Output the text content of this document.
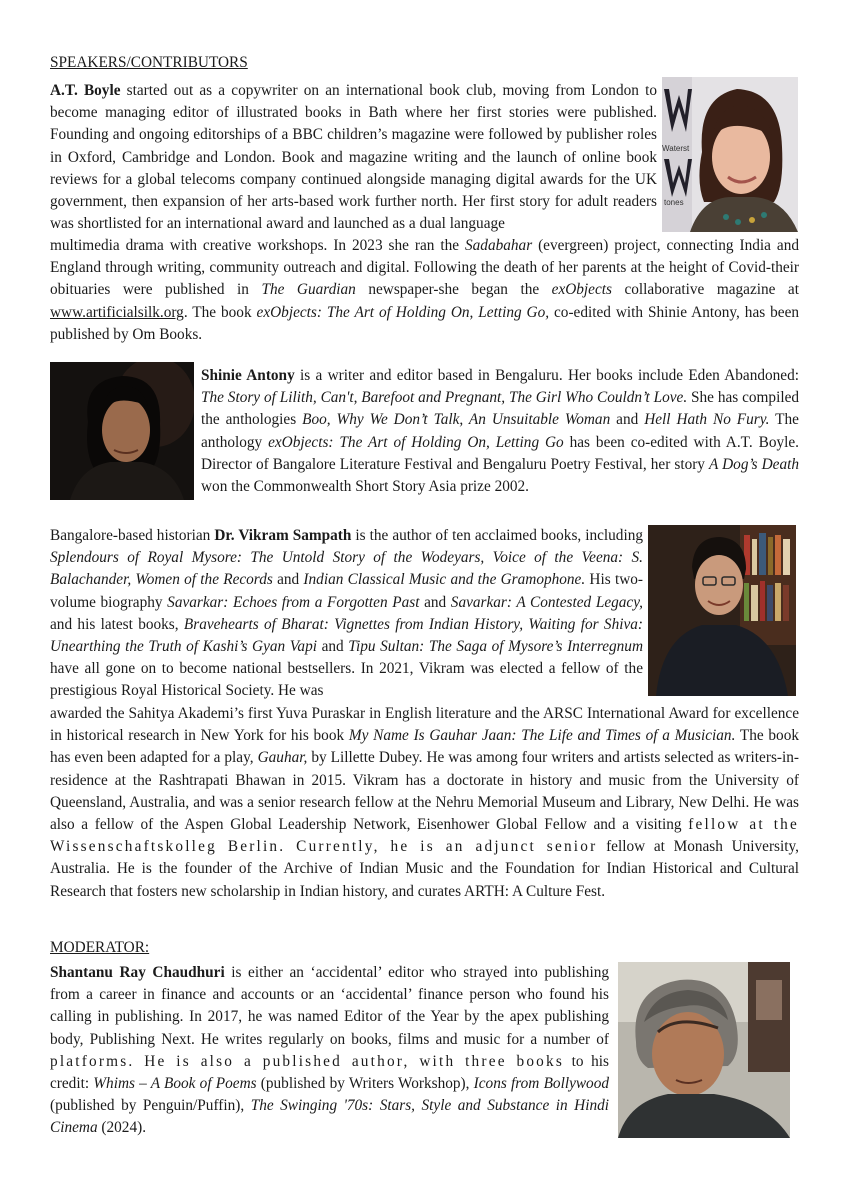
SPEAKERS/CONTRIBUTORS
Waterst
tones

A.T. Boyle started out as a copywriter on an international book club, moving from London to become managing editor of illustrated books in Bath where her first stories were published. Founding and ongoing editorships of a BBC children’s magazine were followed by publisher roles in Oxford, Cambridge and London. Book and magazine writing and the launch of online book reviews for a global telecoms company continued alongside managing digital awards for the UK government, then expansion of her arts-based work further north. Her first story for adult readers was shortlisted for an international award and launched as a dual language

multimedia drama with creative workshops. In 2023 she ran the Sadabahar (evergreen) project, connecting India and England through writing, community outreach and digital. Following the death of her parents at the height of Covid-their obituaries were published in The Guardian newspaper-she began the exObjects collaborative magazine at www.artificialsilk.org. The book exObjects: The Art of Holding On, Letting Go, co-edited with Shinie Antony, has been published by Om Books.

Shinie Antony is a writer and editor based in Bengaluru. Her books include Eden Abandoned: The Story of Lilith, Can't, Barefoot and Pregnant, The Girl Who Couldn’t Love. She has compiled the anthologies Boo, Why We Don’t Talk, An Unsuitable Woman and Hell Hath No Fury. The anthology exObjects: The Art of Holding On, Letting Go has been co-edited with A.T. Boyle. Director of Bangalore Literature Festival and Bengaluru Poetry Festival, her story A Dog’s Death won the Commonwealth Short Story Asia prize 2002.

Bangalore-based historian Dr. Vikram Sampath is the author of ten acclaimed books, including Splendours of Royal Mysore: The Untold Story of the Wodeyars, Voice of the Veena: S. Balachander, Women of the Records and Indian Classical Music and the Gramophone. His two-volume biography Savarkar: Echoes from a Forgotten Past and Savarkar: A Contested Legacy, and his latest books, Bravehearts of Bharat: Vignettes from Indian History, Waiting for Shiva: Unearthing the Truth of Kashi’s Gyan Vapi and Tipu Sultan: The Saga of Mysore’s Interregnum have all gone on to become national bestsellers. In 2021, Vikram was elected a fellow of the prestigious Royal Historical Society. He was

awarded the Sahitya Akademi’s first Yuva Puraskar in English literature and the ARSC International Award for excellence in historical research in New York for his book My Name Is Gauhar Jaan: The Life and Times of a Musician. The book has even been adapted for a play, Gauhar, by Lillette Dubey. He was among four writers and artists selected as writers-in-residence at the Rashtrapati Bhawan in 2015. Vikram has a doctorate in history and music from the University of Queensland, Australia, and was a senior research fellow at the Nehru Memorial Museum and Library, New Delhi. He was also a fellow of the Aspen Global Leadership Network, Eisenhower Global Fellow and a visiting fellow at the Wissenschaftskolleg Berlin. Currently, he is an adjunct senior fellow at Monash University, Australia. He is the founder of the Archive of Indian Music and the Foundation for Indian Historical and Cultural Research that fosters new scholarship in Indian history, and curates ARTH: A Culture Fest.

MODERATOR:

Shantanu Ray Chaudhuri is either an ‘accidental’ editor who strayed into publishing from a career in finance and accounts or an ‘accidental’ finance person who found his calling in publishing. In 2017, he was named Editor of the Year by the apex publishing body, Publishing Next. He writes regularly on books, films and music for a number of platforms. He is also a published author, with three books to his credit: Whims – A Book of Poems (published by Writers Workshop), Icons from Bollywood (published by Penguin/Puffin), The Swinging '70s: Stars, Style and Substance in Hindi Cinema (2024).
